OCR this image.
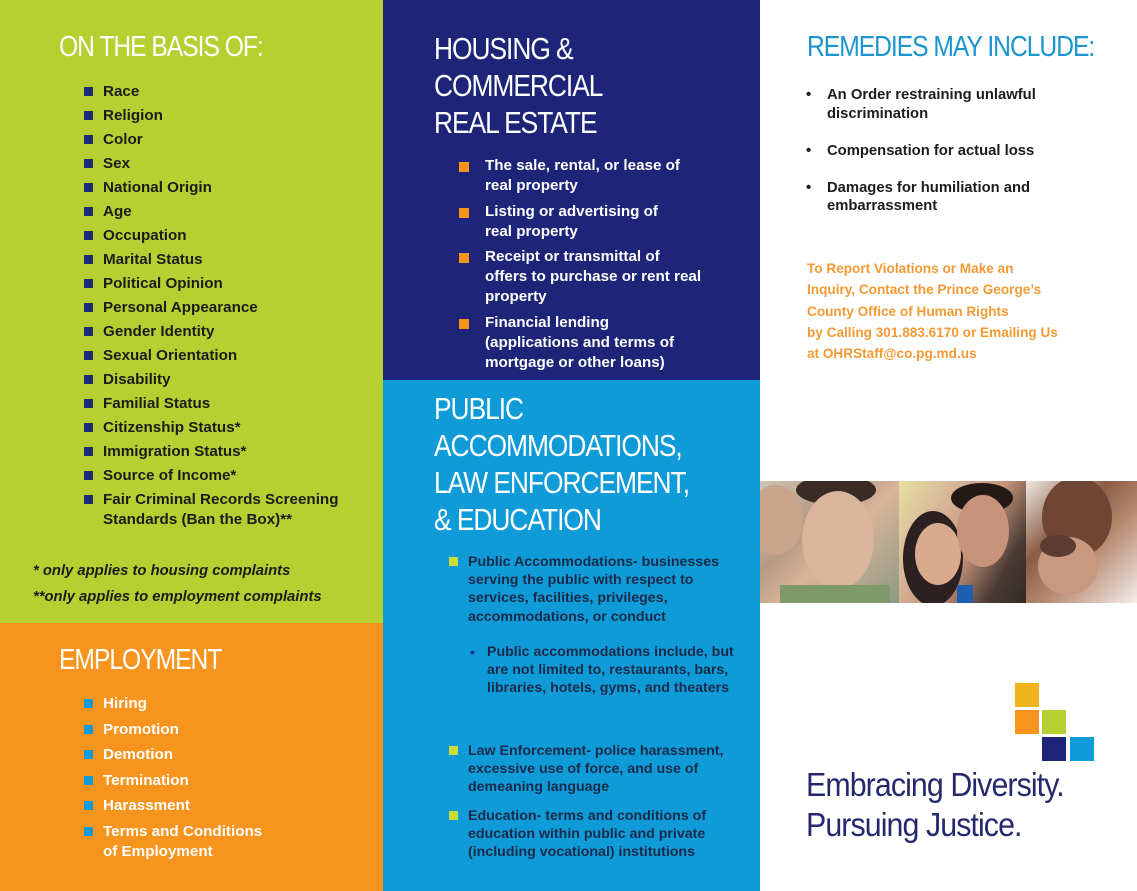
ON THE BASIS OF:
Race
Religion
Color
Sex
National Origin
Age
Occupation
Marital Status
Political Opinion
Personal Appearance
Gender Identity
Sexual Orientation
Disability
Familial Status
Citizenship Status*
Immigration Status*
Source of Income*
Fair Criminal Records Screening Standards (Ban the Box)**

* only applies to housing complaints

**only applies to employment complaints

EMPLOYMENT
Hiring
Promotion
Demotion
Termination
Harassment
Terms and Conditions of Employment
HOUSING &
COMMERCIAL
REAL ESTATE
The sale, rental, or lease of real property
Listing or advertising of real property
Receipt or transmittal of offers to purchase or rent real property
Financial lending (applications and terms of mortgage or other loans)
PUBLIC
ACCOMMODATIONS,
LAW ENFORCEMENT,
& EDUCATION
Public Accommodations- businesses serving the public with respect to services, facilities, privileges, accommodations, or conduct
• Public accommodations include, but are not limited to, restaurants, bars, libraries, hotels, gyms, and theaters
Law Enforcement- police harassment, excessive use of force, and use of demeaning language
Education- terms and conditions of education within public and private (including vocational) institutions
REMEDIES MAY INCLUDE:
• An Order restraining unlawful discrimination
• Compensation for actual loss
• Damages for humiliation and embarrassment
To Report Violations or Make an
Inquiry, Contact the Prince George’s
County Office of Human Rights
by Calling 301.883.6170 or Emailing Us
at OHRStaff@co.pg.md.us
Embracing Diversity.
Pursuing Justice.
